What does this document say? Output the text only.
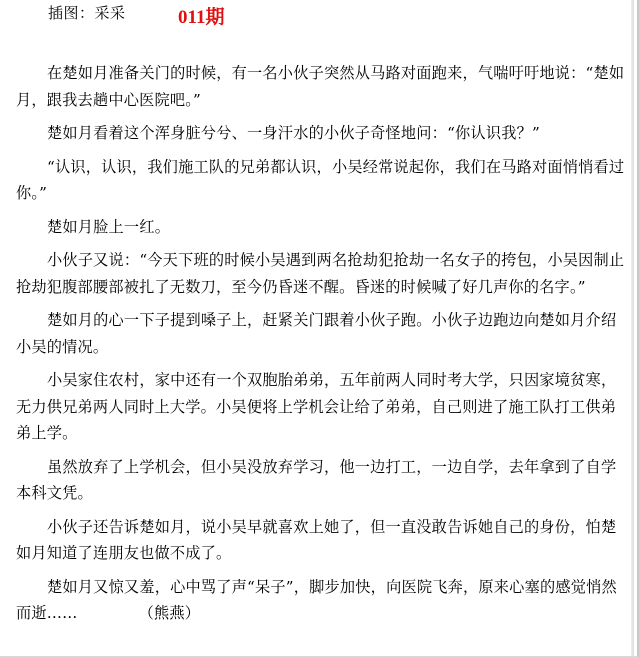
插图：采采	011期

在楚如月准备关门的时候，有一名小伙子突然从马路对面跑来，气喘吁吁地说：“楚如月，跟我去趟中心医院吧。”

楚如月看着这个浑身脏兮兮、一身汗水的小伙子奇怪地问：“你认识我？”

“认识，认识，我们施工队的兄弟都认识，小吴经常说起你，我们在马路对面悄悄看过你。”

楚如月脸上一红。

小伙子又说：“今天下班的时候小吴遇到两名抢劫犯抢劫一名女子的挎包，小吴因制止抢劫犯腹部腰部被扎了无数刀，至今仍昏迷不醒。昏迷的时候喊了好几声你的名字。”

楚如月的心一下子提到嗓子上，赶紧关门跟着小伙子跑。小伙子边跑边向楚如月介绍小吴的情况。

小吴家住农村，家中还有一个双胞胎弟弟，五年前两人同时考大学，只因家境贫寒，无力供兄弟两人同时上大学。小吴便将上学机会让给了弟弟，自己则进了施工队打工供弟弟上学。

虽然放弃了上学机会，但小吴没放弃学习，他一边打工，一边自学，去年拿到了自学本科文凭。

小伙子还告诉楚如月，说小吴早就喜欢上她了，但一直没敢告诉她自己的身份，怕楚如月知道了连朋友也做不成了。

楚如月又惊又羞，心中骂了声“呆子”，脚步加快，向医院飞奔，原来心塞的感觉悄然而逝……	（熊燕）
